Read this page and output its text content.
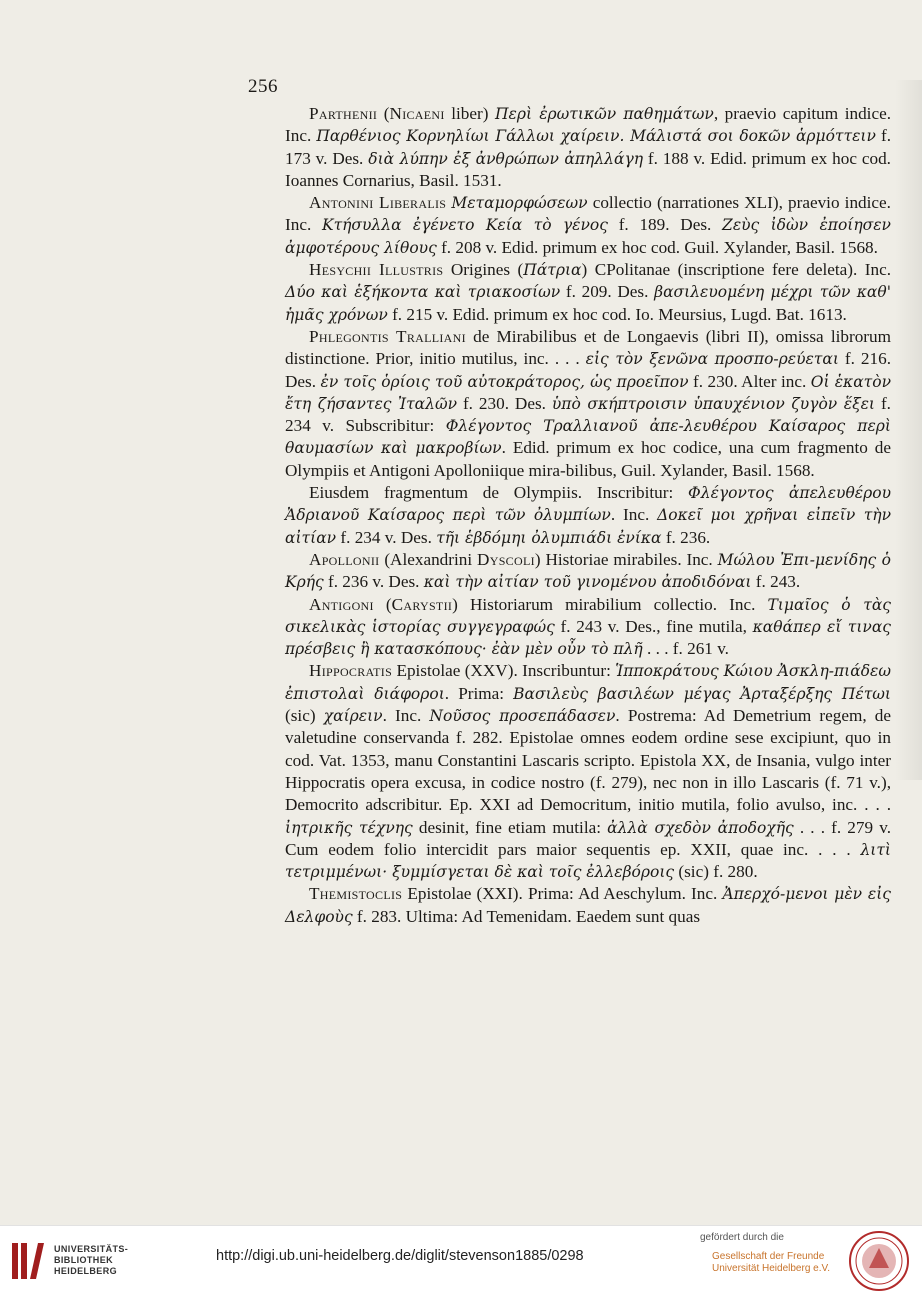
256

Parthenii (Nicaeni liber) Περὶ ἐρωτικῶν παθημάτων, praevio capitum indice. Inc. Παρθένιος Κορνηλίωι Γάλλωι χαίρειν. Μάλιστά σοι δοκῶν ἁρμόττειν f. 173 v. Des. διὰ λύπην ἐξ ἀνθρώπων ἀπηλλάγη f. 188 v. Edid. primum ex hoc cod. Ioannes Cornarius, Basil. 1531.

Antonini Liberalis Μεταμορφώσεων collectio (narrationes XLI), praevio indice. Inc. Κτήσυλλα ἐγένετο Κεία τὸ γένος f. 189. Des. Ζεὺς ἰδὼν ἐποίησεν ἀμφοτέρους λίθους f. 208 v. Edid. primum ex hoc cod. Guil. Xylander, Basil. 1568.

Hesychii Illustris Origines (Πάτρια) CPolitanae (inscriptione fere deleta). Inc. Δύο καὶ ἑξήκοντα καὶ τριακοσίων f. 209. Des. βασιλευομένη μέχρι τῶν καθ' ἡμᾶς χρόνων f. 215 v. Edid. primum ex hoc cod. Io. Meursius, Lugd. Bat. 1613.

Phlegontis Tralliani de Mirabilibus et de Longaevis (libri II), omissa librorum distinctione. Prior, initio mutilus, inc. . . . εἰς τὸν ξενῶνα προσπο-ρεύεται f. 216. Des. ἐν τοῖς ὁρίοις τοῦ αὐτοκράτορος, ὡς προεῖπον f. 230. Alter inc. Οἱ ἑκατὸν ἔτη ζήσαντες Ἰταλῶν f. 230. Des. ὑπὸ σκήπτροισιν ὑπαυχένιον ζυγὸν ἕξει f. 234 v. Subscribitur: Φλέγοντος Τραλλιανοῦ ἀπε-λευθέρου Καίσαρος περὶ θαυμασίων καὶ μακροβίων. Edid. primum ex hoc codice, una cum fragmento de Olympiis et Antigoni Apolloniique mira-bilibus, Guil. Xylander, Basil. 1568.

Eiusdem fragmentum de Olympiis. Inscribitur: Φλέγοντος ἀπελευθέρου Ἀδριανοῦ Καίσαρος περὶ τῶν ὀλυμπίων. Inc. Δοκεῖ μοι χρῆναι εἰπεῖν τὴν αἰτίαν f. 234 v. Des. τῆι ἑβδόμηι ὀλυμπιάδι ἐνίκα f. 236.

Apollonii (Alexandrini Dyscoli) Historiae mirabiles. Inc. Μώλου Ἐπι-μενίδης ὁ Κρής f. 236 v. Des. καὶ τὴν αἰτίαν τοῦ γινομένου ἀποδιδόναι f. 243.

Antigoni (Carystii) Historiarum mirabilium collectio. Inc. Τιμαῖος ὁ τὰς σικελικὰς ἱστορίας συγγεγραφώς f. 243 v. Des., fine mutila, καθάπερ εἴ τινας πρέσβεις ἢ κατασκόπους· ἐὰν μὲν οὖν τὸ πλῆ . . . f. 261 v.

Hippocratis Epistolae (XXV). Inscribuntur: Ἱπποκράτους Κώιου Ἀσκλη-πιάδεω ἐπιστολαὶ διάφοροι. Prima: Βασιλεὺς βασιλέων μέγας Ἀρταξέρξης Πέτωι (sic) χαίρειν. Inc. Νοῦσος προσεπάδασεν. Postrema: Ad Demetrium regem, de valetudine conservanda f. 282. Epistolae omnes eodem ordine sese excipiunt, quo in cod. Vat. 1353, manu Constantini Lascaris scripto. Epistola XX, de Insania, vulgo inter Hippocratis opera excusa, in codice nostro (f. 279), nec non in illo Lascaris (f. 71 v.), Democrito adscribitur. Ep. XXI ad Democritum, initio mutila, folio avulso, inc. . . . ἰητρικῆς τέχνης desinit, fine etiam mutila: ἀλλὰ σχεδὸν ἀποδοχῆς . . . f. 279 v. Cum eodem folio intercidit pars maior sequentis ep. XXII, quae inc. . . . λιτὶ τετριμμένωι· ξυμμίσγεται δὲ καὶ τοῖς ἐλλεβόροις (sic) f. 280.

Themistoclis Epistolae (XXI). Prima: Ad Aeschylum. Inc. Ἀπερχό-μενοι μὲν εἰς Δελφοὺς f. 283. Ultima: Ad Temenidam. Eaedem sunt quas

UNIVERSITÄTS-
BIBLIOTHEK
HEIDELBERG
http://digi.ub.uni-heidelberg.de/diglit/stevenson1885/0298
gefördert durch die
Gesellschaft der Freunde
Universität Heidelberg e.V.
